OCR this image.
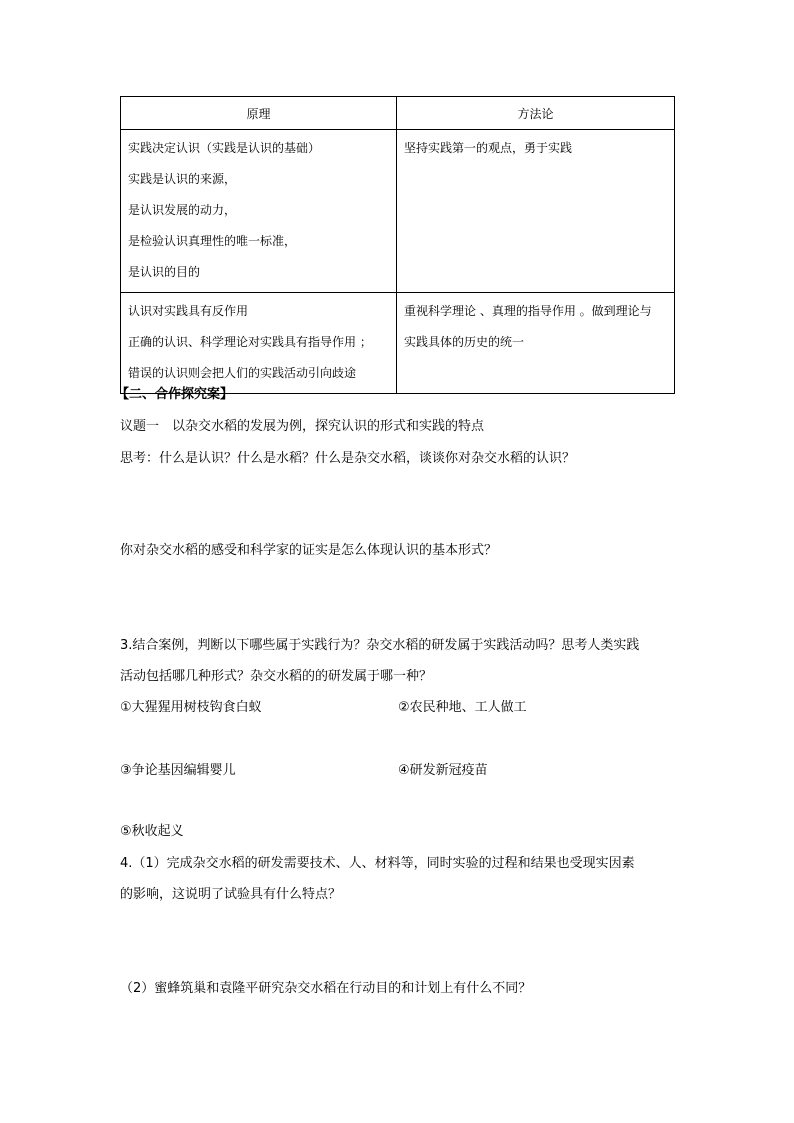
原理	方法论

实践决定认识（实践是认识的基础）
实践是认识的来源，
是认识发展的动力，
是检验认识真理性的唯一标准，
是认识的目的	坚持实践第一的观点，勇于实践

认识对实践具有反作用
正确的认识、科学理论对实践具有指导作用 ；
错误的认识则会把人们的实践活动引向歧途	重视科学理论 、真理的指导作用 。做到理论与
实践具体的历史的统一
【二、合作探究案】
议题一　以杂交水稻的发展为例，探究认识的形式和实践的特点
思考：什么是认识？什么是水稻？什么是杂交水稻，谈谈你对杂交水稻的认识？
你对杂交水稻的感受和科学家的证实是怎么体现认识的基本形式？
3.结合案例，判断以下哪些属于实践行为？杂交水稻的研发属于实践活动吗？思考人类实践
活动包括哪几种形式？杂交水稻的的研发属于哪一种？
①大猩猩用树枝钩食白蚁	②农民种地、工人做工
③争论基因编辑婴儿	④研发新冠疫苗
⑤秋收起义
4.（1）完成杂交水稻的研发需要技术、人、材料等，同时实验的过程和结果也受现实因素
的影响，这说明了试验具有什么特点？
（2）蜜蜂筑巢和袁隆平研究杂交水稻在行动目的和计划上有什么不同？
